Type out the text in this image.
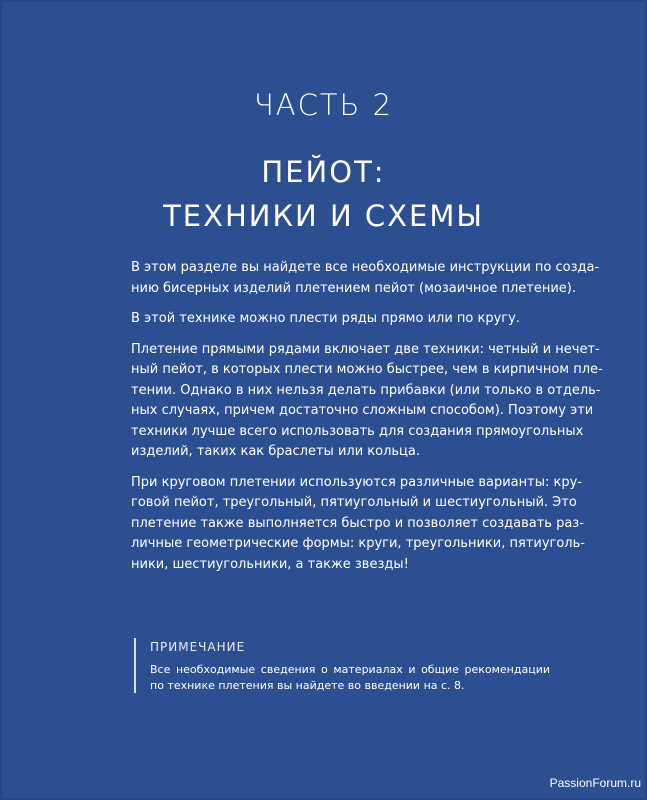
ЧАСТЬ 2
ПЕЙОТ:
ТЕХНИКИ И СХЕМЫ

В этом разделе вы найдете все необходимые инструкции по созда-
нию бисерных изделий плетением пейот (мозаичное плетение).

В этой технике можно плести ряды прямо или по кругу.

Плетение прямыми рядами включает две техники: четный и нечет-
ный пейот, в которых плести можно быстрее, чем в кирпичном пле-
тении. Однако в них нельзя делать прибавки (или только в отдель-
ных случаях, причем достаточно сложным способом). Поэтому эти
техники лучше всего использовать для создания прямоугольных
изделий, таких как браслеты или кольца.

При круговом плетении используются различные варианты: кру-
говой пейот, треугольный, пятиугольный и шестиугольный. Это
плетение также выполняется быстро и позволяет создавать раз-
личные геометрические формы: круги, треугольники, пятиуголь-
ники, шестиугольники, а также звезды!

ПРИМЕЧАНИЕ
Все необходимые сведения о материалах и общие рекомендации
по технике плетения вы найдете во введении на с. 8.
PassionForum.ru
